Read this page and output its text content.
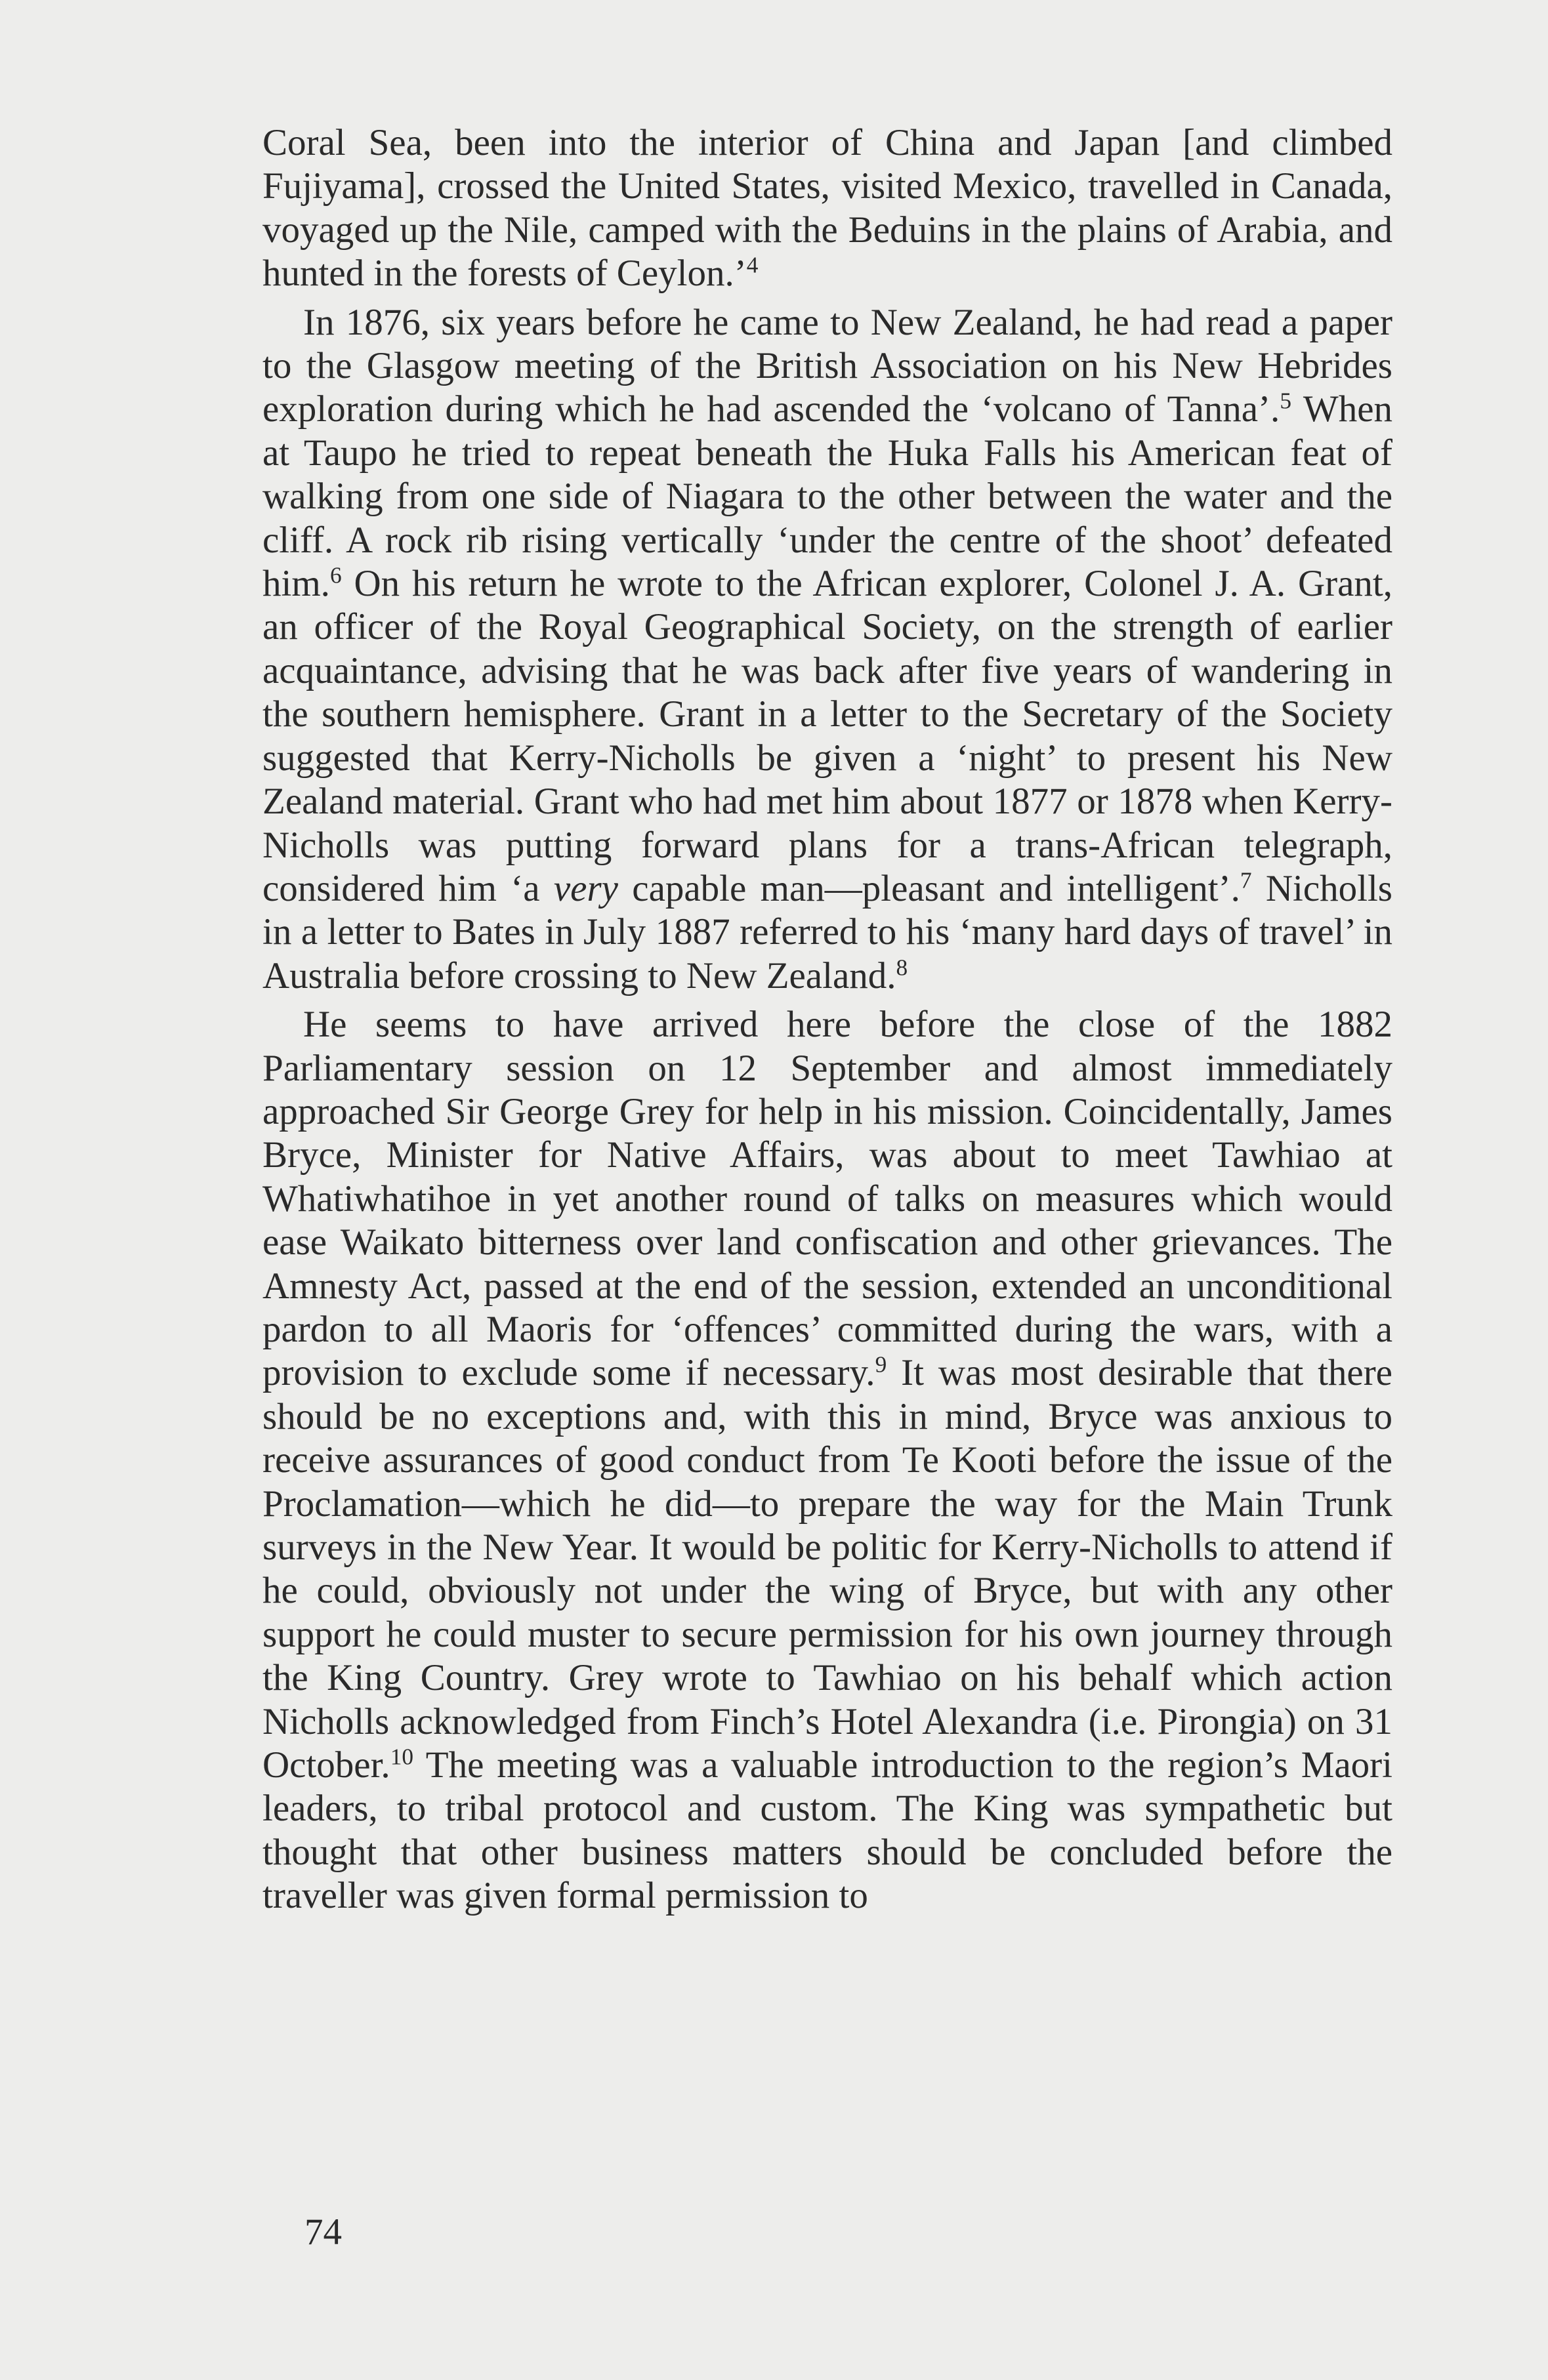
Coral Sea, been into the interior of China and Japan [and climbed Fujiyama], crossed the United States, visited Mexico, travelled in Canada, voyaged up the Nile, camped with the Beduins in the plains of Arabia, and hunted in the forests of Ceylon.’$^4$

In 1876, six years before he came to New Zealand, he had read a paper to the Glasgow meeting of the British Association on his New Hebrides exploration during which he had ascended the ‘volcano of Tanna’.$^5$ When at Taupo he tried to repeat beneath the Huka Falls his American feat of walking from one side of Niagara to the other between the water and the cliff. A rock rib rising vertically ‘under the centre of the shoot’ defeated him.$^6$ On his return he wrote to the African explorer, Colonel J. A. Grant, an officer of the Royal Geographical Society, on the strength of earlier acquaintance, advising that he was back after five years of wandering in the southern hemisphere. Grant in a letter to the Secretary of the Society suggested that Kerry-Nicholls be given a ‘night’ to present his New Zealand material. Grant who had met him about 1877 or 1878 when Kerry-Nicholls was putting forward plans for a trans-African telegraph, considered him ‘a very capable man—pleasant and intelligent’.$^7$ Nicholls in a letter to Bates in July 1887 referred to his ‘many hard days of travel’ in Australia before crossing to New Zealand.$^8$

He seems to have arrived here before the close of the 1882 Parliamentary session on 12 September and almost immediately approached Sir George Grey for help in his mission. Coincidentally, James Bryce, Minister for Native Affairs, was about to meet Tawhiao at Whatiwhatihoe in yet another round of talks on measures which would ease Waikato bitterness over land confiscation and other grievances. The Amnesty Act, passed at the end of the session, extended an unconditional pardon to all Maoris for ‘offences’ committed during the wars, with a provision to exclude some if necessary.$^9$ It was most desirable that there should be no exceptions and, with this in mind, Bryce was anxious to receive assurances of good conduct from Te Kooti before the issue of the Proclamation—which he did—to prepare the way for the Main Trunk surveys in the New Year. It would be politic for Kerry-Nicholls to attend if he could, obviously not under the wing of Bryce, but with any other support he could muster to secure permission for his own journey through the King Country. Grey wrote to Tawhiao on his behalf which action Nicholls acknowledged from Finch’s Hotel Alexandra (i.e. Pirongia) on 31 October.$^{10}$ The meeting was a valuable introduction to the region’s Maori leaders, to tribal protocol and custom. The King was sympathetic but thought that other business matters should be concluded before the traveller was given formal permission to

74
